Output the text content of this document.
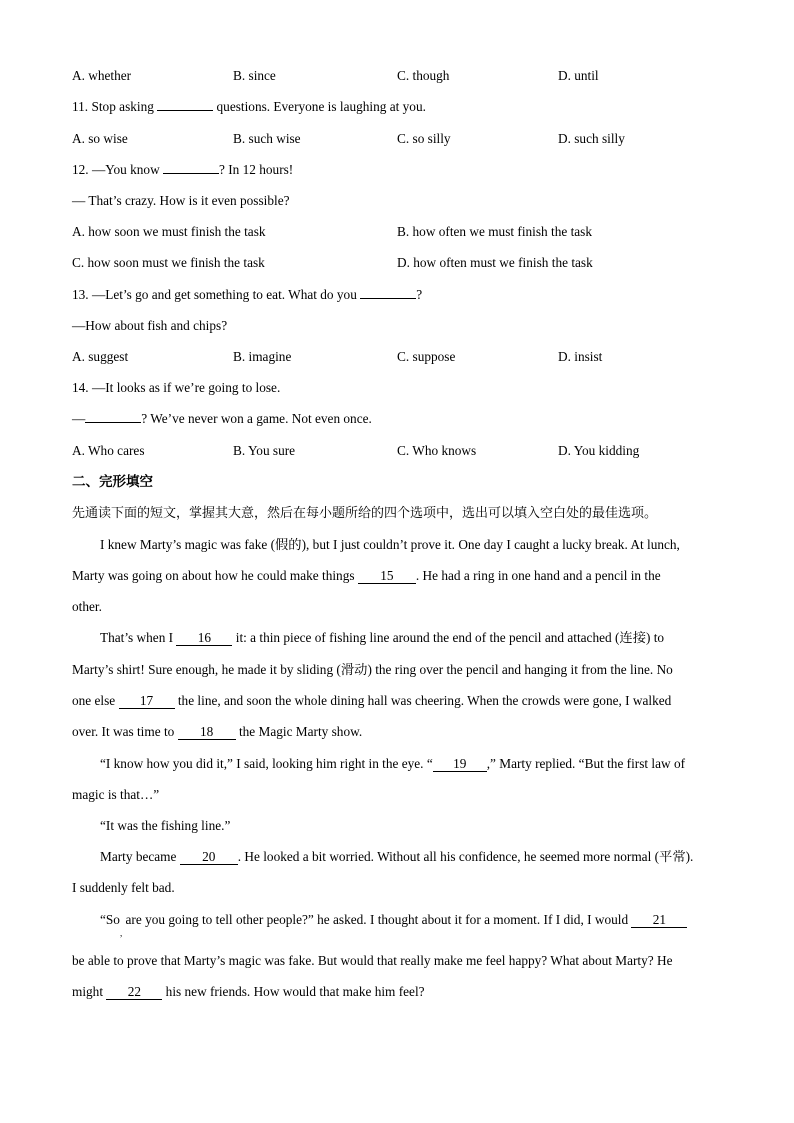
A. whether	B. since	C. though	D. until
11. Stop asking	questions. Everyone is laughing at you.
A. so wise	B. such wise	C. so silly	D. such silly
12. —You know	? In 12 hours!
— That’s crazy. How is it even possible?
A. how soon we must finish the task	B. how often we must finish the task
C. how soon must we finish the task	D. how often must we finish the task
13. —Let’s go and get something to eat. What do you	?
—How about fish and chips?
A. suggest	B. imagine	C. suppose	D. insist
14. —It looks as if we’re going to lose.
—	? We’ve never won a game. Not even once.
A. Who cares	B. You sure	C. Who knows	D. You kidding
二、完形填空
先通读下面的短文，掌握其大意，然后在每小题所给的四个选项中，选出可以填入空白处的最佳选项。
I knew Marty’s magic was fake (假的), but I just couldn’t prove it. One day I caught a lucky break. At lunch,
Marty was going on about how he could make things 15 . He had a ring in one hand and a pencil in the
other.
That’s when I 16 it: a thin piece of fishing line around the end of the pencil and attached (连接) to
Marty’s shirt! Sure enough, he made it by sliding (滑动) the ring over the pencil and hanging it from the line. No
one else 17 the line, and soon the whole dining hall was cheering. When the crowds were gone, I walked
over. It was time to 18 the Magic Marty show.
“I know how you did it,” I said, looking him right in the eye. “ 19 ,” Marty replied. “But the first law of
magic is that…”
“It was the fishing line.”
Marty became 20 . He looked a bit worried. Without all his confidence, he seemed more normal (平常).
I suddenly felt bad.
“$So_,$ are you going to tell other people?” he asked. I thought about it for a moment. If I did, I would 21
be able to prove that Marty’s magic was fake. But would that really make me feel happy? What about Marty? He
might 22 his new friends. How would that make him feel?
